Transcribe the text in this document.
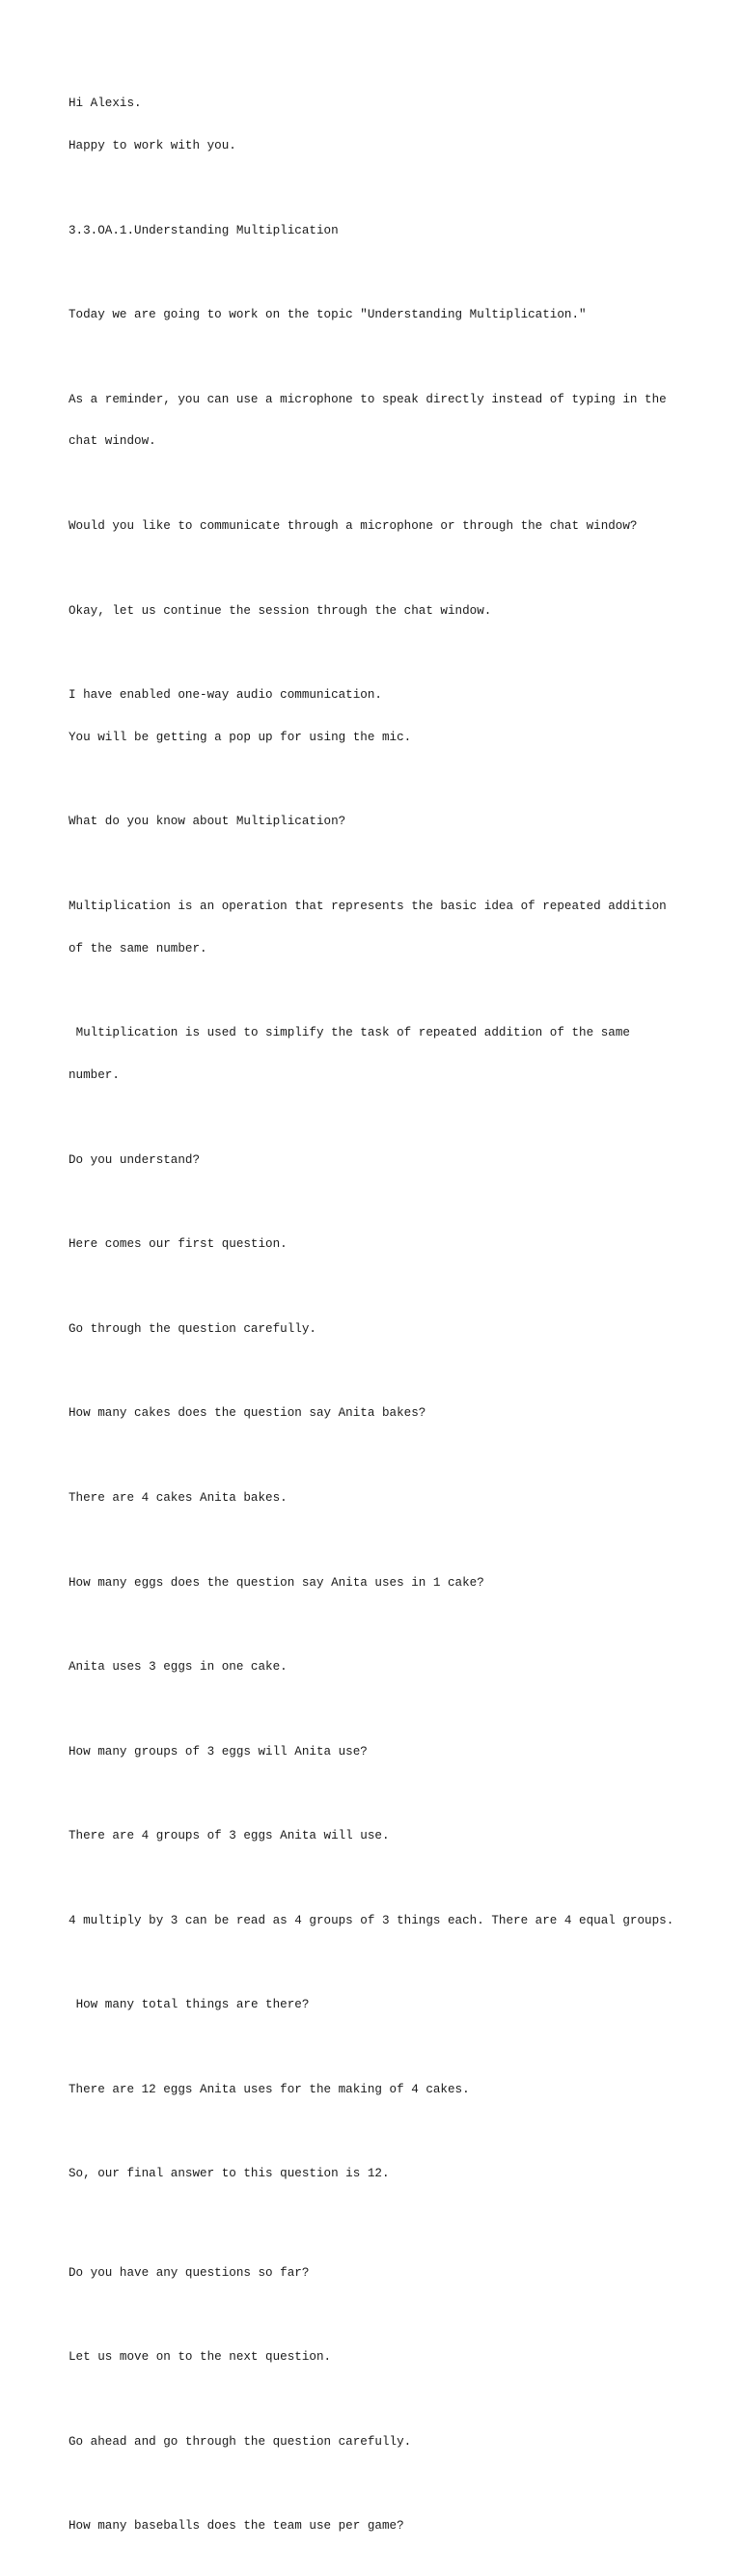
Hi Alexis.

Happy to work with you.

3.3.OA.1.Understanding Multiplication

Today we are going to work on the topic "Understanding Multiplication."

As a reminder, you can use a microphone to speak directly instead of typing in the

chat window.

Would you like to communicate through a microphone or through the chat window?

Okay, let us continue the session through the chat window.

I have enabled one-way audio communication.

You will be getting a pop up for using the mic.

What do you know about Multiplication?

Multiplication is an operation that represents the basic idea of repeated addition

of the same number.

Multiplication is used to simplify the task of repeated addition of the same

number.

Do you understand?

Here comes our first question.

Go through the question carefully.

How many cakes does the question say Anita bakes?

There are 4 cakes Anita bakes.

How many eggs does the question say Anita uses in 1 cake?

Anita uses 3 eggs in one cake.

How many groups of 3 eggs will Anita use?

There are 4 groups of 3 eggs Anita will use.

4 multiply by 3 can be read as 4 groups of 3 things each. There are 4 equal groups.

How many total things are there?

There are 12 eggs Anita uses for the making of 4 cakes.

So, our final answer to this question is 12.

Do you have any questions so far?

Let us move on to the next question.

Go ahead and go through the question carefully.

How many baseballs does the team use per game?
